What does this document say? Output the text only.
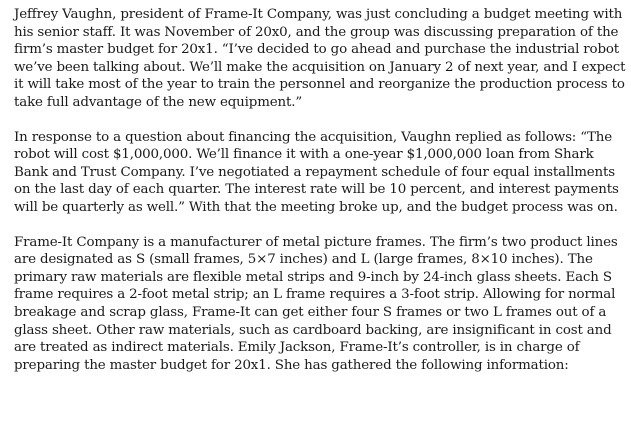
Jeffrey Vaughn, president of Frame-It Company, was just concluding a budget meeting with his senior staff. It was November of 20x0, and the group was discussing preparation of the firm’s master budget for 20x1. “I’ve decided to go ahead and purchase the industrial robot we’ve been talking about. We’ll make the acquisition on January 2 of next year, and I expect it will take most of the year to train the personnel and reorganize the production process to take full advantage of the new equipment.”

In response to a question about financing the acquisition, Vaughn replied as follows: “The robot will cost $1,000,000. We’ll finance it with a one-year $1,000,000 loan from Shark Bank and Trust Company. I’ve negotiated a repayment schedule of four equal installments on the last day of each quarter. The interest rate will be 10 percent, and interest payments will be quarterly as well.” With that the meeting broke up, and the budget process was on.

Frame-It Company is a manufacturer of metal picture frames. The firm’s two product lines are designated as S (small frames, 5×7 inches) and L (large frames, 8×10 inches). The primary raw materials are flexible metal strips and 9-inch by 24-inch glass sheets. Each S frame requires a 2-foot metal strip; an L frame requires a 3-foot strip. Allowing for normal breakage and scrap glass, Frame-It can get either four S frames or two L frames out of a glass sheet. Other raw materials, such as cardboard backing, are insignificant in cost and are treated as indirect materials. Emily Jackson, Frame-It’s controller, is in charge of preparing the master budget for 20x1. She has gathered the following information:
